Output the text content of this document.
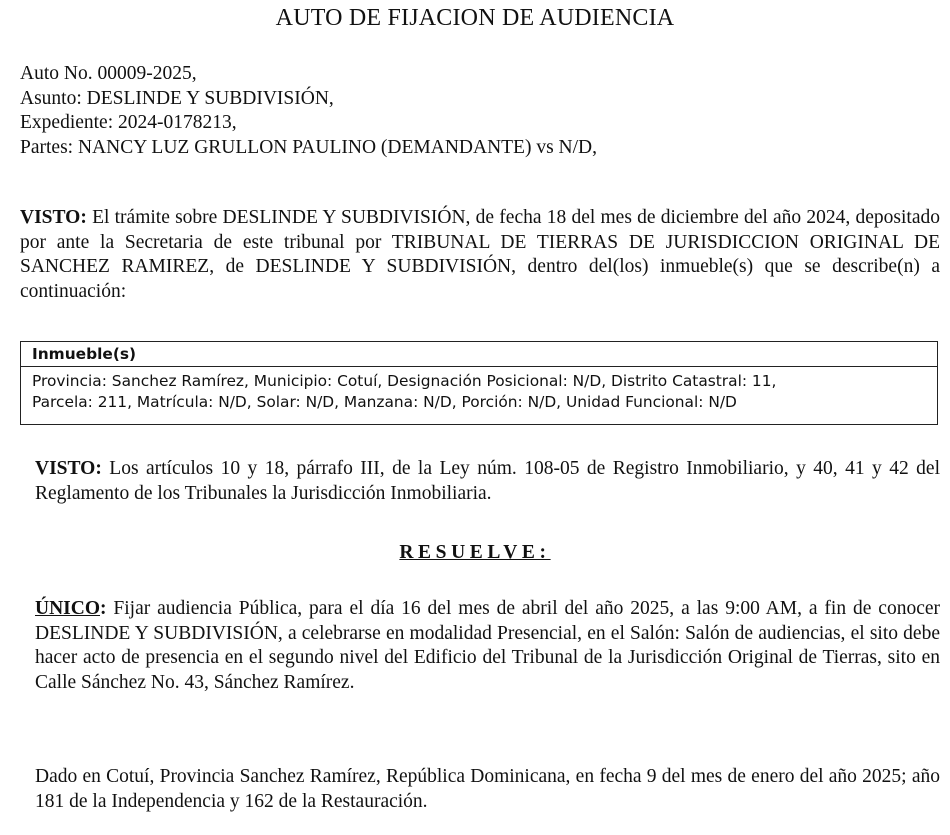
AUTO DE FIJACION DE AUDIENCIA
Auto No. 00009-2025,
Asunto: DESLINDE Y SUBDIVISIÓN,
Expediente: 2024-0178213,
Partes: NANCY LUZ GRULLON PAULINO (DEMANDANTE) vs N/D,
VISTO: El trámite sobre DESLINDE Y SUBDIVISIÓN, de fecha 18 del mes de diciembre del año 2024, depositado por ante la Secretaria de este tribunal por TRIBUNAL DE TIERRAS DE JURISDICCION ORIGINAL DE SANCHEZ RAMIREZ, de DESLINDE Y SUBDIVISIÓN, dentro del(los) inmueble(s) que se describe(n) a continuación:
Inmueble(s)
Provincia: Sanchez Ramírez, Municipio: Cotuí, Designación Posicional: N/D, Distrito Catastral: 11,
Parcela: 211, Matrícula: N/D, Solar: N/D, Manzana: N/D, Porción: N/D, Unidad Funcional: N/D
VISTO: Los artículos 10 y 18, párrafo III, de la Ley núm. 108-05 de Registro Inmobiliario, y 40, 41 y 42 del Reglamento de los Tribunales la Jurisdicción Inmobiliaria.
RESUELVE:
ÚNICO: Fijar audiencia Pública, para el día 16 del mes de abril del año 2025, a las 9:00 AM, a fin de conocer DESLINDE Y SUBDIVISIÓN, a celebrarse en modalidad Presencial, en el Salón: Salón de audiencias, el sito debe hacer acto de presencia en el segundo nivel del Edificio del Tribunal de la Jurisdicción Original de Tierras, sito en Calle Sánchez No. 43, Sánchez Ramírez.
Dado en Cotuí, Provincia Sanchez Ramírez, República Dominicana, en fecha 9 del mes de enero del año 2025; año 181 de la Independencia y 162 de la Restauración.
